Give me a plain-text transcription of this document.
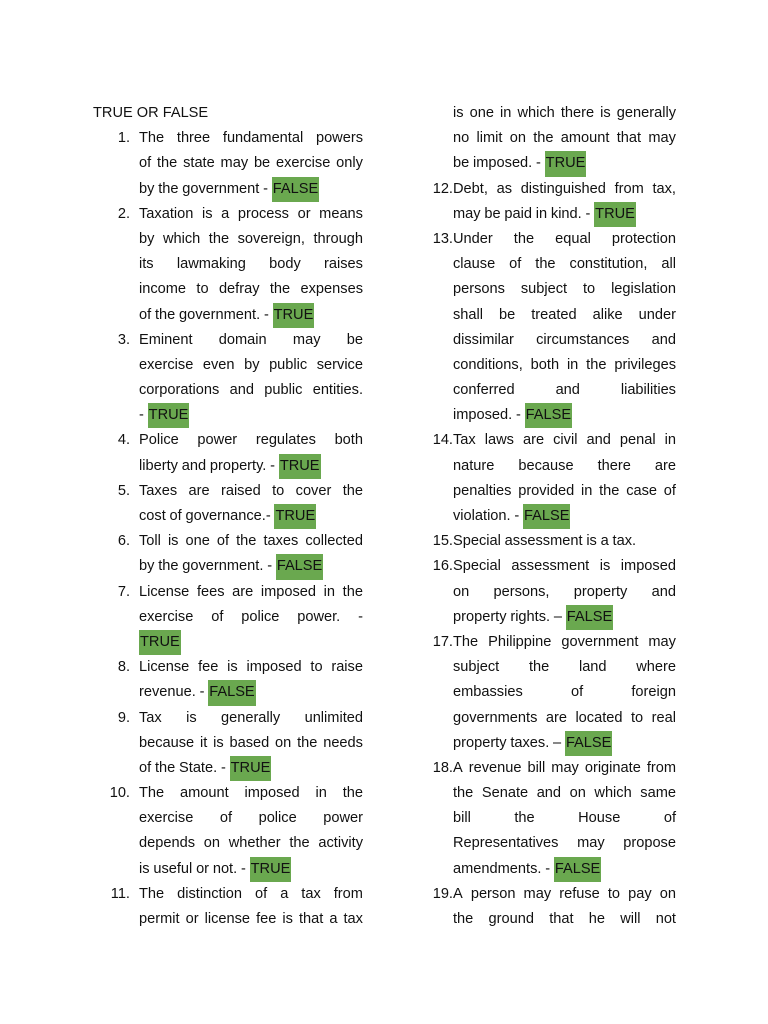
TRUE OR FALSE
1. The three fundamental powers
of the state may be exercise only
by the government - FALSE
2. Taxation is a process or means
by which the sovereign, through
its lawmaking body raises
income to defray the expenses
of the government. - TRUE
3. Eminent domain may be
exercise even by public service
corporations and public entities.
- TRUE
4. Police power regulates both
liberty and property. - TRUE
5. Taxes are raised to cover the
cost of governance.- TRUE
6. Toll is one of the taxes collected
by the government. - FALSE
7. License fees are imposed in the
exercise of police power. -
TRUE
8. License fee is imposed to raise
revenue. - FALSE
9. Tax is generally unlimited
because it is based on the needs
of the State. - TRUE
10. The amount imposed in the
exercise of police power
depends on whether the activity
is useful or not. - TRUE
11. The distinction of a tax from
permit or license fee is that a tax
is one in which there is generally
no limit on the amount that may
be imposed. - TRUE
12. Debt, as distinguished from tax,
may be paid in kind. - TRUE
13. Under the equal protection
clause of the constitution, all
persons subject to legislation
shall be treated alike under
dissimilar circumstances and
conditions, both in the privileges
conferred	and	liabilities
imposed. - FALSE
14. Tax laws are civil and penal in
nature because there are
penalties provided in the case of
violation. - FALSE
15. Special assessment is a tax.
16. Special assessment is imposed
on persons, property and
property rights. – FALSE
17. The Philippine government may
subject the land where
embassies	of	foreign
governments are located to real
property taxes. – FALSE
18. A revenue bill may originate from
the Senate and on which same
bill	the	House	of
Representatives may propose
amendments. - FALSE
19. A person may refuse to pay on
the ground that he will not
